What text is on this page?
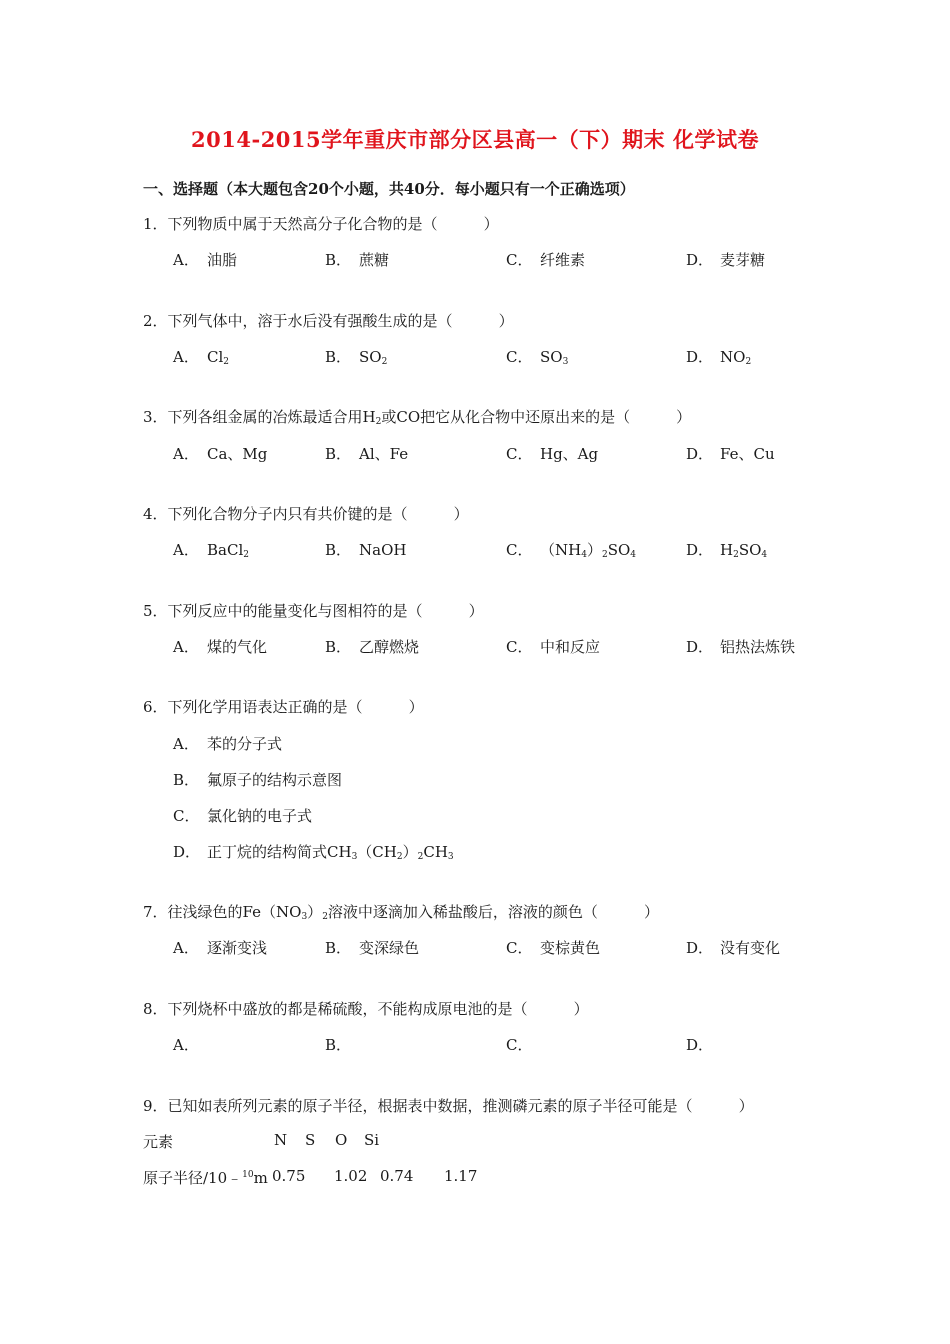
2014-2015学年重庆市部分区县高一（下）期末 化学试卷
一、选择题（本大题包含20个小题，共40分．每小题只有一个正确选项）
1．下列物质中属于天然高分子化合物的是（	）
A． 油脂	B． 蔗糖	C． 纤维素	D． 麦芽糖
2．下列气体中，溶于水后没有强酸生成的是（	）
A． $Cl_2$	B． $SO_2$	C． $SO_3$	D． $NO_2$
3．下列各组金属的冶炼最适合用$H_2$或CO把它从化合物中还原出来的是（	）
A． Ca、Mg	B． Al、Fe	C． Hg、Ag	D． Fe、Cu
4．下列化合物分子内只有共价键的是（	）
A． BaCl$_2$	B． NaOH	C． $(NH_4)_2SO_4$	D． $H_2SO_4$
5．下列反应中的能量变化与图相符的是（	）
A． 煤的气化	B． 乙醇燃烧	C． 中和反应	D． 铝热法炼铁
6．下列化学用语表达正确的是（	）
A． 苯的分子式
B． 氟原子的结构示意图
C． 氯化钠的电子式
D． 正丁烷的结构简式$CH_3(CH_2)_2CH_3$
7．往浅绿色的$Fe(NO_3)_2$溶液中逐滴加入稀盐酸后，溶液的颜色（	）
A． 逐渐变浅	B． 变深绿色	C． 变棕黄色	D． 没有变化
8．下列烧杯中盛放的都是稀硫酸，不能构成原电池的是（	）
A．	B．	C．	D．
9．已知如表所列元素的原子半径，根据表中数据，推测磷元素的原子半径可能是（	）
元素	N S O Si
原子半径/10﹣$^{10}$m 0.75 1.02 0.74 1.17
